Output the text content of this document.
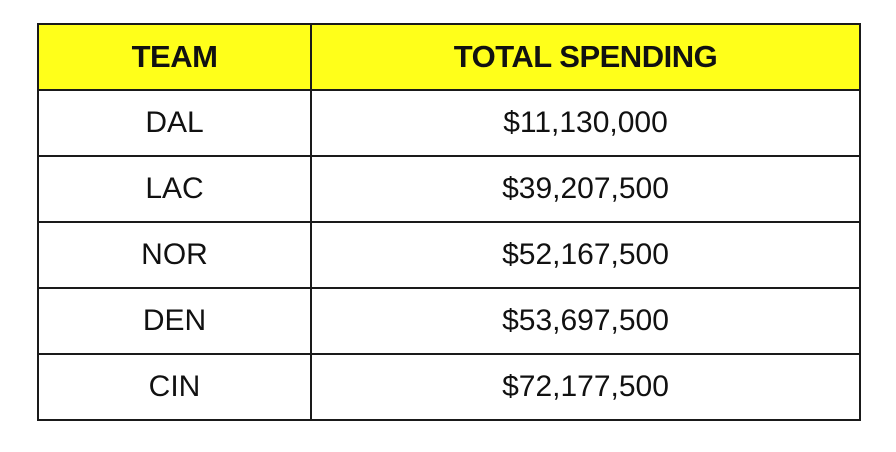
TEAM	TOTAL SPENDING
DAL	$11,130,000
LAC	$39,207,500
NOR	$52,167,500
DEN	$53,697,500
CIN	$72,177,500
